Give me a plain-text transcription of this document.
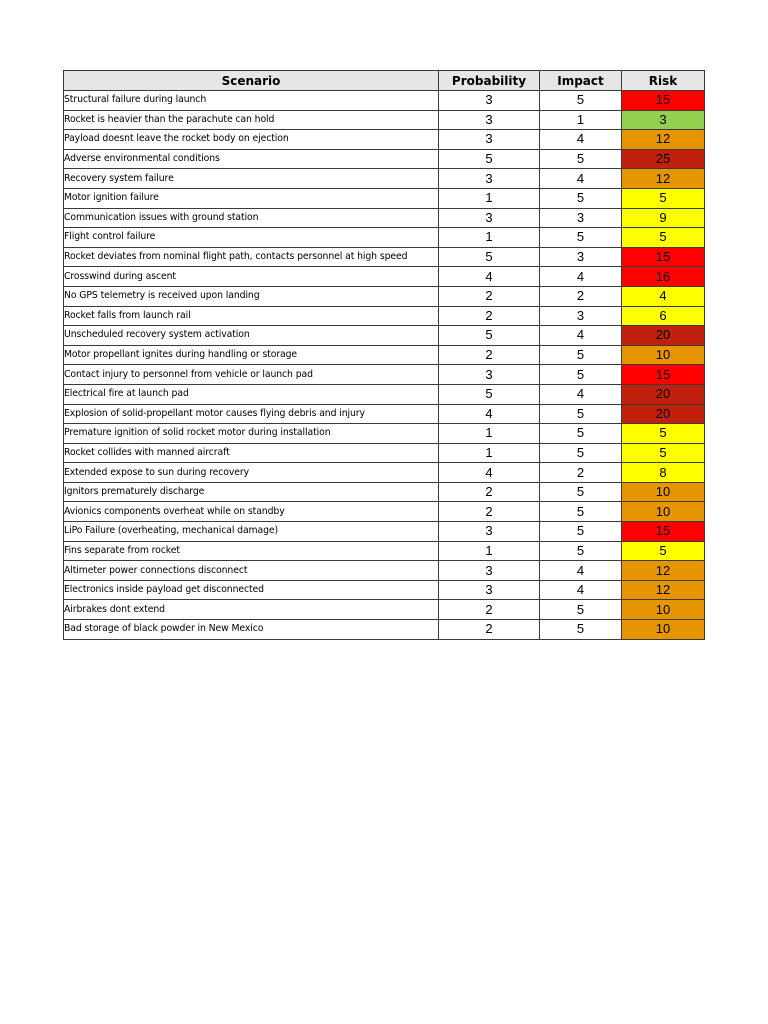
Scenario	Probability	Impact	Risk
Structural failure during launch	3	5	15
Rocket is heavier than the parachute can hold	3	1	3
Payload doesnt leave the rocket body on ejection	3	4	12
Adverse environmental conditions	5	5	25
Recovery system failure	3	4	12
Motor ignition failure	1	5	5
Communication issues with ground station	3	3	9
Flight control failure	1	5	5
Rocket deviates from nominal flight path, contacts personnel at high speed	5	3	15
Crosswind during ascent	4	4	16
No GPS telemetry is received upon landing	2	2	4
Rocket falls from launch rail	2	3	6
Unscheduled recovery system activation	5	4	20
Motor propellant ignites during handling or storage	2	5	10
Contact injury to personnel from vehicle or launch pad	3	5	15
Electrical fire at launch pad	5	4	20
Explosion of solid-propellant motor causes flying debris and injury	4	5	20
Premature ignition of solid rocket motor during installation	1	5	5
Rocket collides with manned aircraft	1	5	5
Extended expose to sun during recovery	4	2	8
Ignitors prematurely discharge	2	5	10
Avionics components overheat while on standby	2	5	10
LiPo Failure (overheating, mechanical damage)	3	5	15
Fins separate from rocket	1	5	5
Altimeter power connections disconnect	3	4	12
Electronics inside payload get disconnected	3	4	12
Airbrakes dont extend	2	5	10
Bad storage of black powder in New Mexico	2	5	10
